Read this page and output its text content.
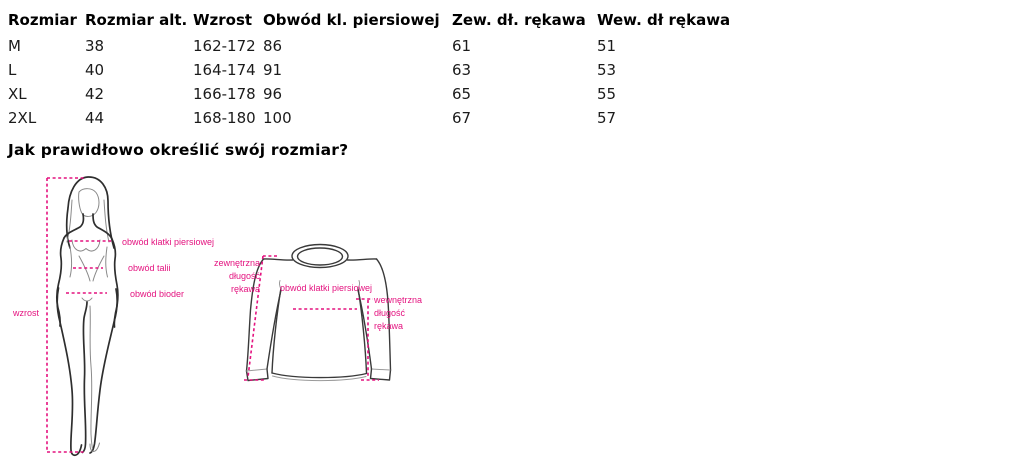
Rozmiar	Rozmiar alt.	Wzrost	Obwód kl. piersiowej	Zew. dł. rękawa	Wew. dł rękawa
M	38	162-172	86	61	51
L	40	164-174	91	63	53
XL	42	166-178	96	65	55
2XL	44	168-180	100	67	57
Jak prawidłowo określić swój rozmiar?
obwód klatki piersiowej
obwód talii
obwód bioder
wzrost
zewnętrzna długość rękawa	obwód klatki piersiowej
wewnętrzna długość rękawa
